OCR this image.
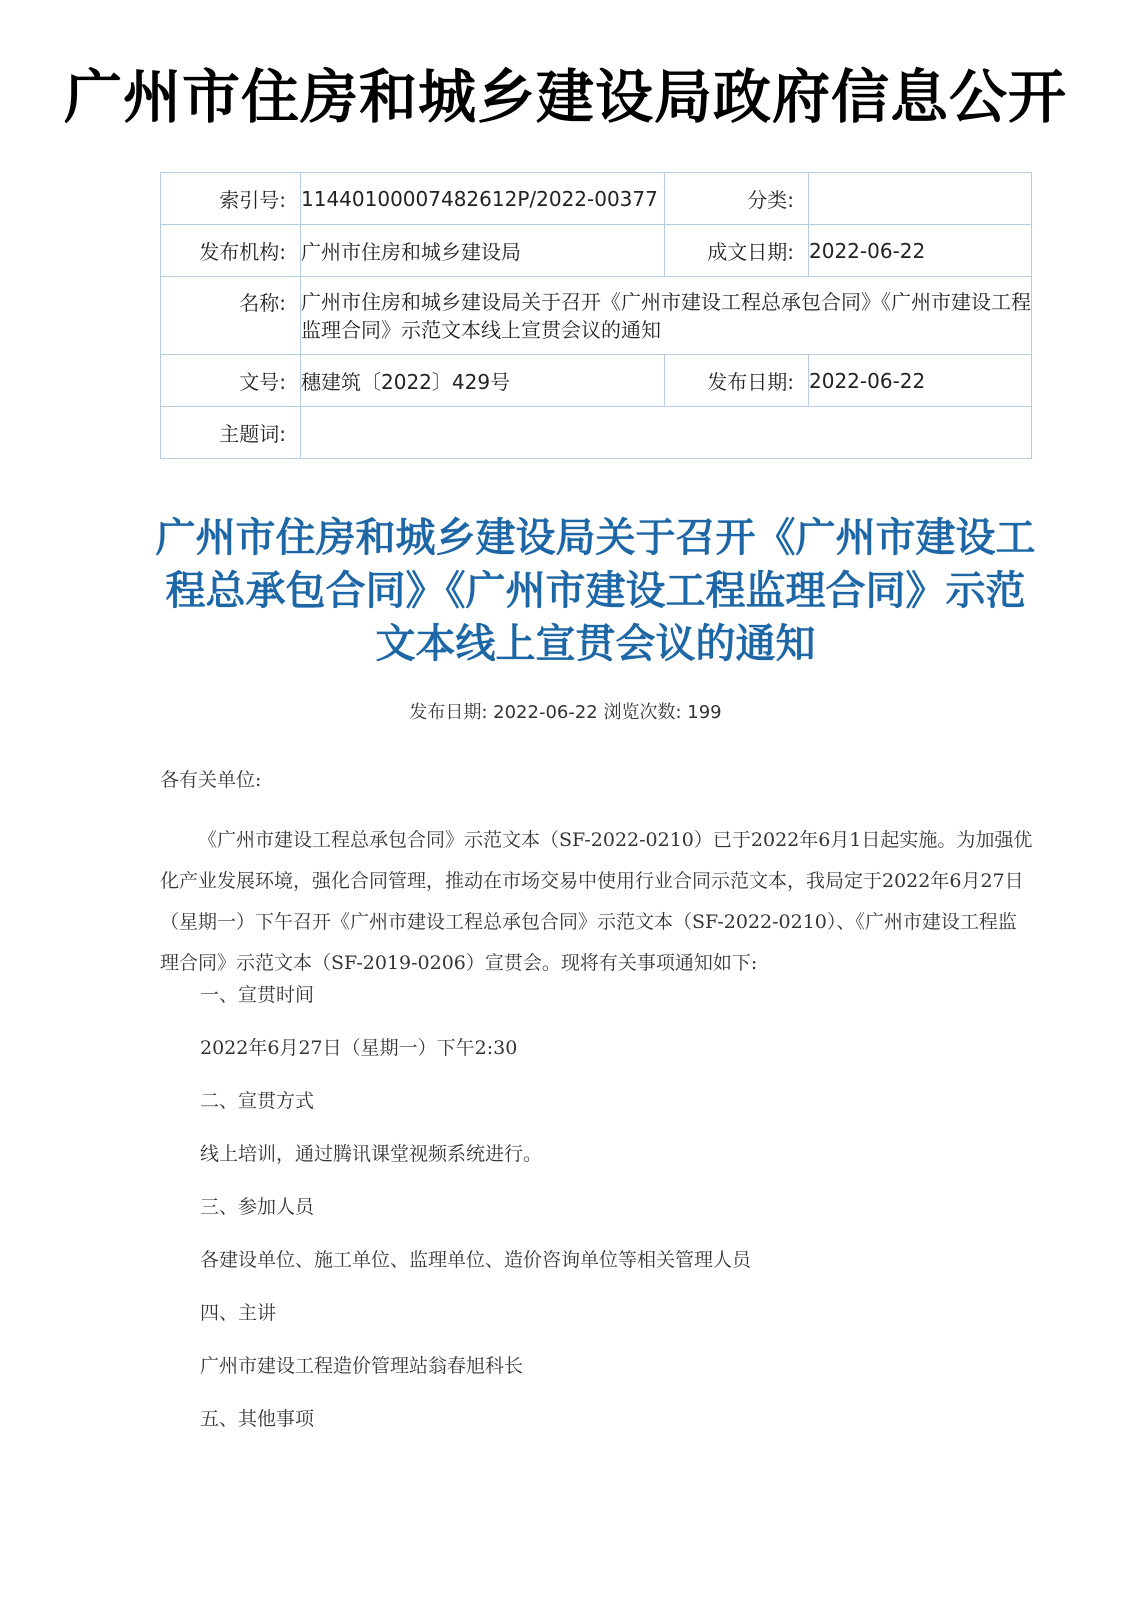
广州市住房和城乡建设局政府信息公开
索引号:	11440100007482612P/2022-00377	分类:	
发布机构:	广州市住房和城乡建设局	成文日期:	2022-06-22
名称:	广州市住房和城乡建设局关于召开《广州市建设工程总承包合同》《广州市建设工程监理合同》示范文本线上宣贯会议的通知		
文号:	穗建筑〔2022〕429号	发布日期:	2022-06-22
主题词:			
广州市住房和城乡建设局关于召开《广州市建设工程总承包合同》《广州市建设工程监理合同》示范文本线上宣贯会议的通知
发布日期: 2022-06-22 浏览次数: 199
各有关单位:
《广州市建设工程总承包合同》示范文本（SF-2022-0210）已于2022年6月1日起实施。为加强优化产业发展环境，强化合同管理，推动在市场交易中使用行业合同示范文本，我局定于2022年6月27日（星期一）下午召开《广州市建设工程总承包合同》示范文本（SF-2022-0210）、《广州市建设工程监理合同》示范文本（SF-2019-0206）宣贯会。现将有关事项通知如下:
一、宣贯时间
2022年6月27日（星期一）下午2:30
二、宣贯方式
线上培训，通过腾讯课堂视频系统进行。
三、参加人员
各建设单位、施工单位、监理单位、造价咨询单位等相关管理人员
四、主讲
广州市建设工程造价管理站翁春旭科长
五、其他事项
